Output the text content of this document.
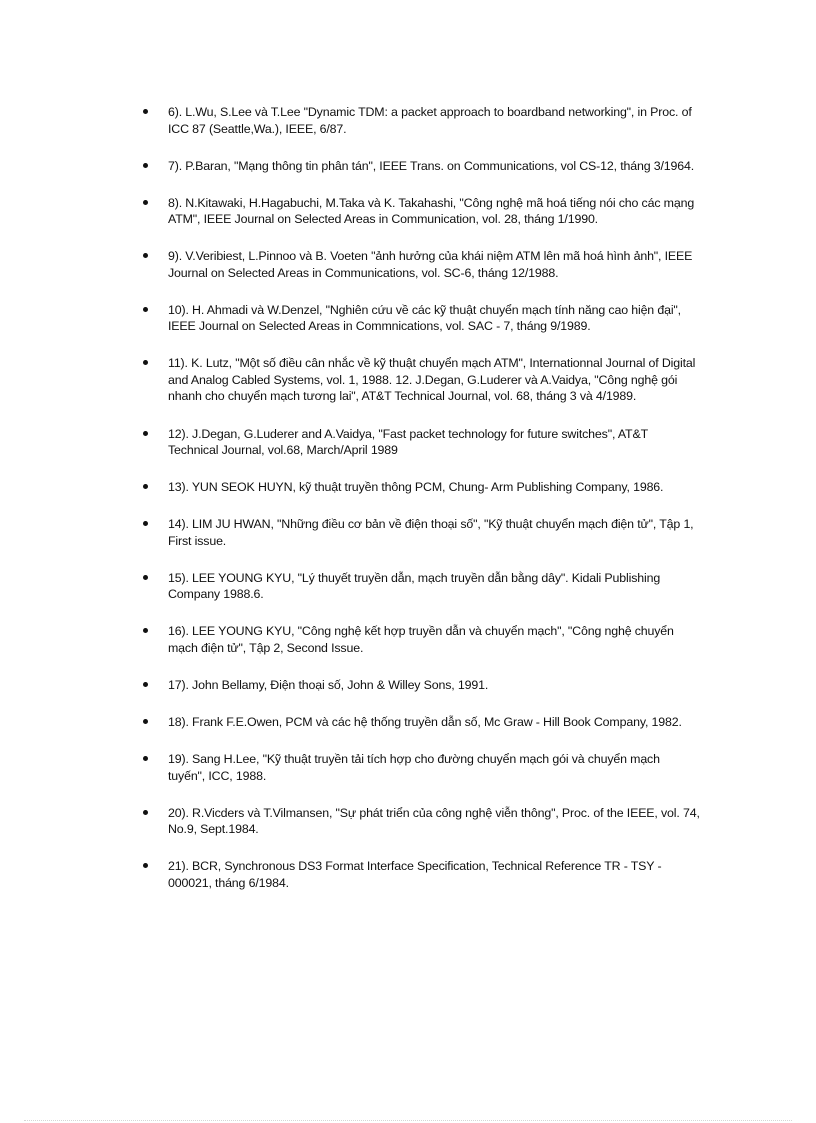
6). L.Wu, S.Lee và T.Lee "Dynamic TDM: a packet approach to boardband networking", in Proc. of ICC 87 (Seattle,Wa.), IEEE, 6/87.
7). P.Baran, "Mạng thông tin phân tán", IEEE Trans. on Communications, vol CS-12, tháng 3/1964.
8). N.Kitawaki, H.Hagabuchi, M.Taka và K. Takahashi, "Công nghệ mã hoá tiếng nói cho các mạng ATM", IEEE Journal on Selected Areas in Communication, vol. 28, tháng 1/1990.
9). V.Veribiest, L.Pinnoo và B. Voeten "ảnh hưởng của khái niệm ATM lên mã hoá hình ảnh", IEEE Journal on Selected Areas in Communications, vol. SC-6, tháng 12/1988.
10). H. Ahmadi và W.Denzel, "Nghiên cứu về các kỹ thuật chuyển mạch tính năng cao hiện đại", IEEE Journal on Selected Areas in Commnications, vol. SAC - 7, tháng 9/1989.
11). K. Lutz, "Một số điều cân nhắc về kỹ thuật chuyển mạch ATM", Internationnal Journal of Digital and Analog Cabled Systems, vol. 1, 1988. 12. J.Degan, G.Luderer và A.Vaidya, "Công nghệ gói nhanh cho chuyển mạch tương lai", AT&T Technical Journal, vol. 68, tháng 3 và 4/1989.
12). J.Degan, G.Luderer and A.Vaidya, "Fast packet technology for future switches", AT&T Technical Journal, vol.68, March/April 1989
13). YUN SEOK HUYN, kỹ thuật truyền thông PCM, Chung- Arm Publishing Company, 1986.
14). LIM JU HWAN, "Những điều cơ bản về điện thoại số", "Kỹ thuật chuyển mạch điện tử", Tập 1, First issue.
15). LEE YOUNG KYU, "Lý thuyết truyền dẫn, mạch truyền dẫn bằng dây". Kidali Publishing Company 1988.6.
16). LEE YOUNG KYU, "Công nghệ kết hợp truyền dẫn và chuyển mạch", "Công nghệ chuyển mạch điện tử", Tập 2, Second Issue.
17). John Bellamy, Điện thoại số, John & Willey Sons, 1991.
18). Frank F.E.Owen, PCM và các hệ thống truyền dẫn số, Mc Graw - Hill Book Company, 1982.
19). Sang H.Lee, "Kỹ thuật truyền tải tích hợp cho đường chuyển mạch gói và chuyển mạch tuyến", ICC, 1988.
20). R.Vicders và T.Vilmansen, "Sự phát triển của công nghệ viễn thông", Proc. of the IEEE, vol. 74, No.9, Sept.1984.
21). BCR, Synchronous DS3 Format Interface Specification, Technical Reference TR - TSY - 000021, tháng 6/1984.
